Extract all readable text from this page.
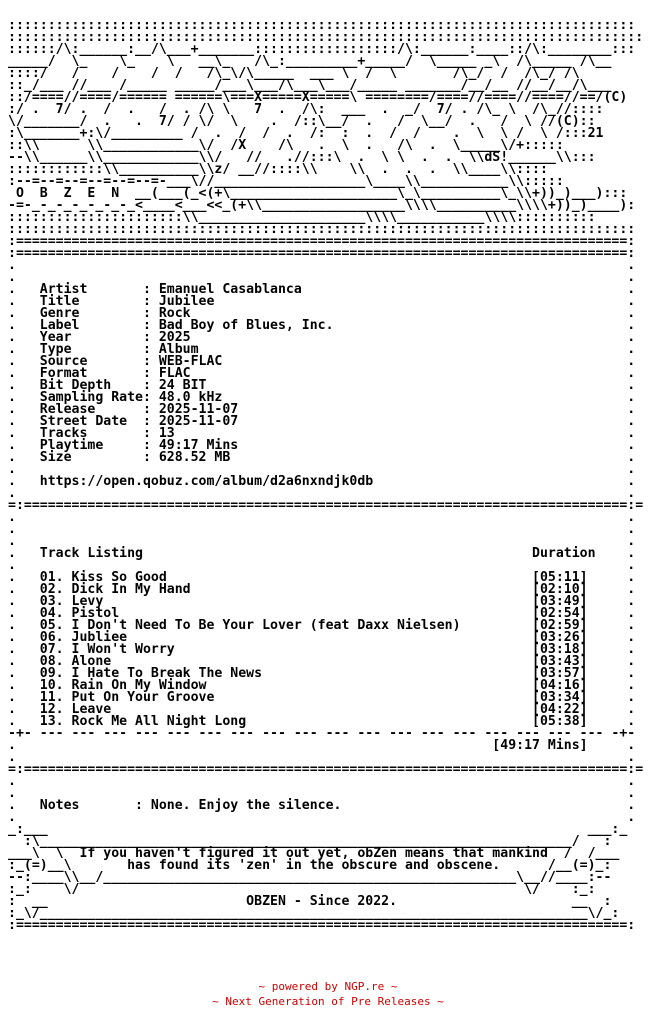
:::::::::::::::::::::::::::::::::::::::::::::::::::::::::::::::::::::::::::::::
::::::::::::::::::::::::::::::::::::::::::::::::::::::::::::::::::::::::::::::::
::::::/\:______:__/\___+_______::::::::::::::::::/\:______:____::/\:________:::
_____/  \_    \_    \   __\_   /\_:_________+_____/  \_____ _\  /\_____ /\__
::::/   /    /    /  /   /\_\/\_____  ___ \  /  \       /\_/  /  /\_/ /\
::_/___ //___ /_____ _____/___\___/\___\___/_____ _______/__/__ //__/__/\___
::/====//====/====== ======\===X=====X=====\ ========/====//====//====//==/(C)
:/ .  7/ .  /  .   /  . /\ \   7  .  /\:  ___  .  _/  7/ . /\_ \  /\_//::::
\/_______/  .   .  7/ / \/  \    .  /::\__/  .   /  \__/  .   /  \ //(C)::
:\_______+:\/_________ /  .  /  /  .  /:  :  .  /  /    .  \  \ /  \ /:::21
::\\      \\____________\/  /X    /\   .  \  .   /\  .  \_____\/+:::::
--\\______\\____________\\/   //   .//:::\  .  \ \  .  .  \\dS!______\\:::
::::::::::::\\__________\\z/ __//::::\\    \\  .  .  .  \\____\\::::
:--=--=--=--=--=--=-___\//___________________\____\\___________\\:::::
O  B  Z  E  N  __(___(_<(+\_____________________\_\__________\_\\+))_)___):::
-=-_-_-_-_-_-_-_<____<___<<_(+\\__________________\\\\__________\\\\+))_)____):
::::::::::::::::::::::\\_____________________\\\\___________\\\\::::::::::
:::::::::::::::::::::::::::::::::::::::::::::::::::::::::::::::::::::::::::::::
:=============================================================================:
:=============================================================================:
.                                                                             .
.                                                                             .
.   Artist       : Emanuel Casablanca                                         .
.   Title        : Jubilee                                                    .
.   Genre        : Rock                                                       .
.   Label        : Bad Boy of Blues, Inc.                                     .
.   Year         : 2025                                                       .
.   Type         : Album                                                      .
.   Source       : WEB-FLAC                                                   .
.   Format       : FLAC                                                       .
.   Bit Depth    : 24 BIT                                                     .
.   Sampling Rate: 48.0 kHz                                                   .
.   Release      : 2025-11-07                                                 .
.   Street Date  : 2025-11-07                                                 .
.   Tracks       : 13                                                         .
.   Playtime     : 49:17 Mins                                                 .
.   Size         : 628.52 MB                                                  .
.                                                                             .
.   https://open.qobuz.com/album/d2a6nxndjk0db                                .
.                                                                             .
=:============================================================================:=
.                                                                             .
.                                                                             .
.                                                                             .
.   Track Listing                                                 Duration    .
.                                                                             .
.   01. Kiss So Good                                              [05:11]     .
.   02. Dick In My Hand                                           [02:10]     .
.   03. Levy                                                      [03:49]     .
.   04. Pistol                                                    [02:54]     .
.   05. I Don't Need To Be Your Lover (feat Daxx Nielsen)         [02:59]     .
.   06. Jubliee                                                   [03:26]     .
.   07. I Won't Worry                                             [03:18]     .
.   08. Alone                                                     [03:43]     .
.   09. I Hate To Break The News                                  [03:57]     .
.   10. Rain On My Window                                         [04:16]     .
.   11. Put On Your Groove                                        [03:34]     .
.   12. Leave                                                     [04:22]     .
.   13. Rock Me All Night Long                                    [05:38]     .
-+- --- --- --- --- --- --- --- --- --- --- --- --- --- --- --- --- --- --- -+-
.                                                            [49:17 Mins]     .
.                                                                             .
=:============================================================================:=
.                                                                             .
.                                                                             .
.   Notes       : None. Enjoy the silence.                                    .
.                                                                             .
_:___                                                                    ___:_
:\___________________________________________________________________/   :
___\  \  If you haven't figured it out yet, obZen means that mankind  /  /___
:_(=)__\       has found its 'zen' in the obscure and obscene.      /__(=)_:
--:____\\__/____________________________________________________\__//____:--
:_:    \/                                                        \/    :_:
:  __                         OBZEN - Since 2022.                      __  :
:_\/_____________________________________________________________________\/_:
:=============================================================================:
~ powered by NGP.re ~
~ Next Generation of Pre Releases ~
